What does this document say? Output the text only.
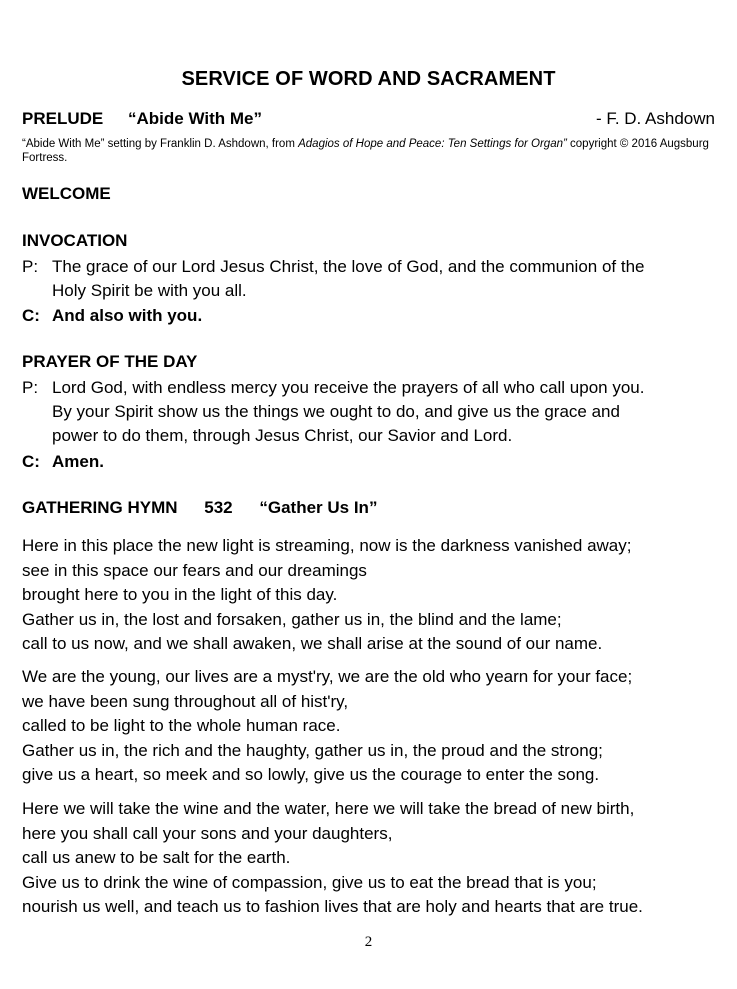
SERVICE OF WORD AND SACRAMENT
PRELUDE “Abide With Me”	- F. D. Ashdown
“Abide With Me” setting by Franklin D. Ashdown, from Adagios of Hope and Peace: Ten Settings for Organ” copyright © 2016 Augsburg Fortress.
WELCOME
INVOCATION
P: The grace of our Lord Jesus Christ, the love of God, and the communion of the
Holy Spirit be with you all.
C: And also with you.
PRAYER OF THE DAY
P: Lord God, with endless mercy you receive the prayers of all who call upon you.
By your Spirit show us the things we ought to do, and give us the grace and
power to do them, through Jesus Christ, our Savior and Lord.
C: Amen.
GATHERING HYMN 532 “Gather Us In”
Here in this place the new light is streaming, now is the darkness vanished away;
see in this space our fears and our dreamings
brought here to you in the light of this day.
Gather us in, the lost and forsaken, gather us in, the blind and the lame;
call to us now, and we shall awaken, we shall arise at the sound of our name.
We are the young, our lives are a myst'ry, we are the old who yearn for your face;
we have been sung throughout all of hist'ry,
called to be light to the whole human race.
Gather us in, the rich and the haughty, gather us in, the proud and the strong;
give us a heart, so meek and so lowly, give us the courage to enter the song.
Here we will take the wine and the water, here we will take the bread of new birth,
here you shall call your sons and your daughters,
call us anew to be salt for the earth.
Give us to drink the wine of compassion, give us to eat the bread that is you;
nourish us well, and teach us to fashion lives that are holy and hearts that are true.
2
